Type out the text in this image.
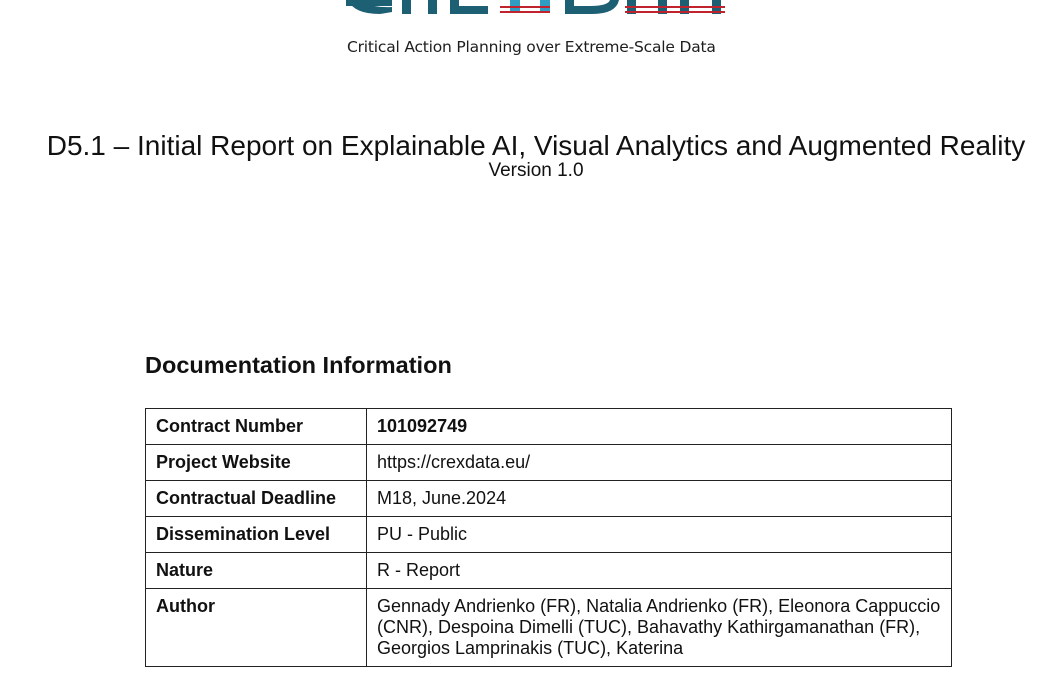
Critical Action Planning over Extreme-Scale Data
D5.1 – Initial Report on Explainable AI, Visual Analytics and Augmented Reality
Version 1.0
Documentation Information
Contract Number	101092749
Project Website	https://crexdata.eu/
Contractual Deadline	M18, June.2024
Dissemination Level	PU - Public
Nature	R - Report
Author	Gennady Andrienko (FR), Natalia Andrienko (FR), Eleonora Cappuccio (CNR), Despoina Dimelli (TUC), Bahavathy Kathirgamanathan (FR), Georgios Lamprinakis (TUC), Katerina
